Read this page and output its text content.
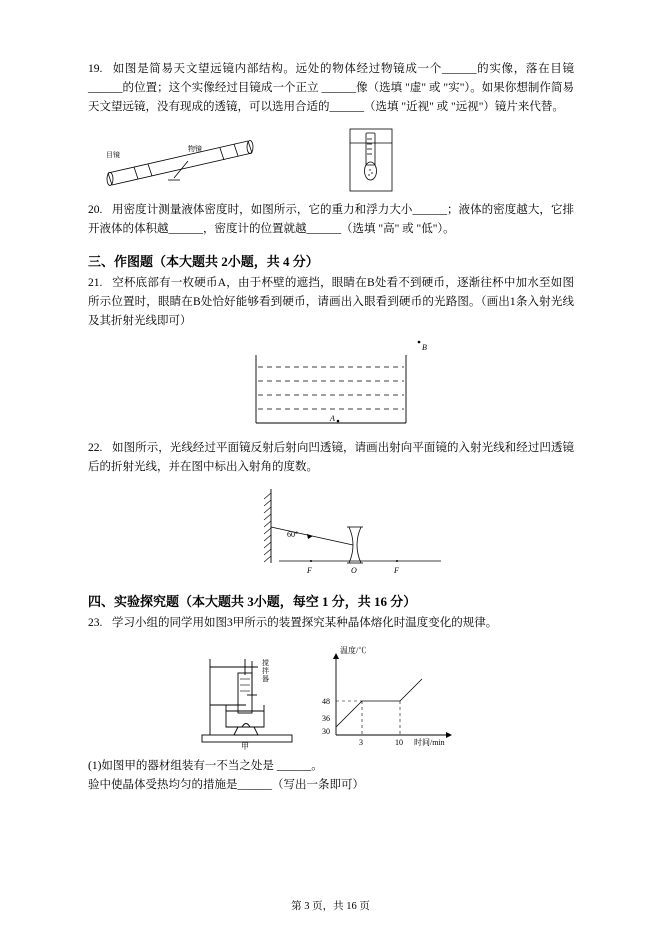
19. 如图是简易天文望远镜内部结构。远处的物体经过物镜成一个______的实像，落在目镜______的位置；这个实像经过目镜成一个正立 ______像（选填 "虚" 或 "实"）。如果你想制作简易天文望远镜，没有现成的透镜，可以选用合适的______（选填 "近视" 或 "远视"）镜片来代替。
目镜
物镜
20. 用密度计测量液体密度时，如图所示，它的重力和浮力大小______；液体的密度越大，它排开液体的体积越______，密度计的位置就越______（选填 "高" 或 "低"）。
三、作图题（本大题共 2小题，共 4 分）
21. 空杯底部有一枚硬币A，由于杯壁的遮挡，眼睛在B处看不到硬币，逐渐往杯中加水至如图所示位置时，眼睛在B处恰好能够看到硬币，请画出入眼看到硬币的光路图。（画出1条入射光线及其折射光线即可）
B
A
22. 如图所示，光线经过平面镜反射后射向凹透镜，请画出射向平面镜的入射光线和经过凹透镜后的折射光线，并在图中标出入射角的度数。
60°
F	O	F
四、实验探究题（本大题共 3小题，每空 1 分，共 16 分）
23. 学习小组的同学用如图3甲所示的装置探究某种晶体熔化时温度变化的规律。
搅
拌
器
甲
温度/℃
48
36
30
3	10 时间/min
(1)如图甲的器材组装有一不当之处是 ______。
验中使晶体受热均匀的措施是______（写出一条即可）
第 3 页，共 16 页
